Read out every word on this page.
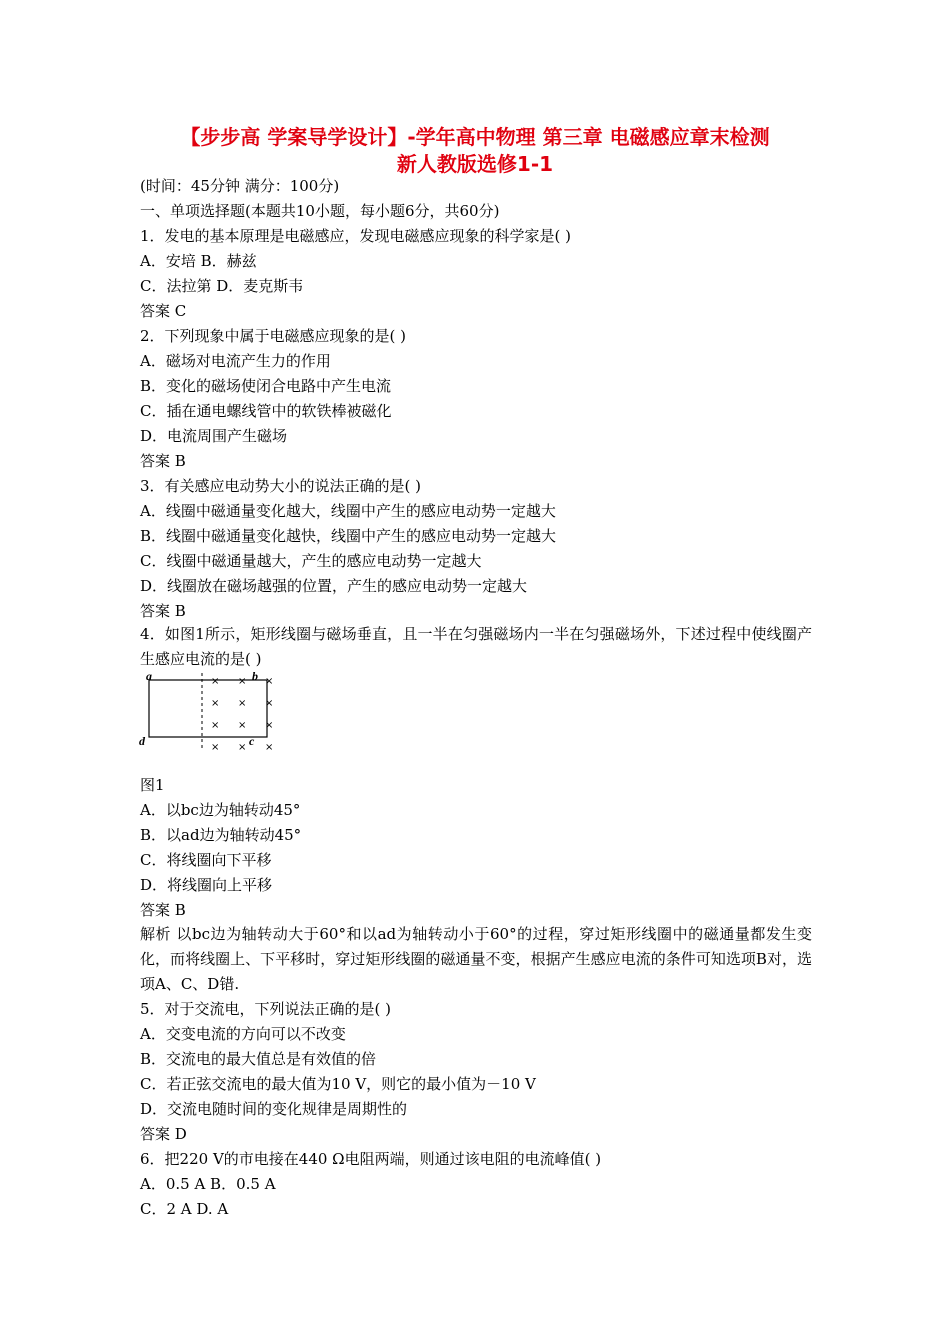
【步步高 学案导学设计】-学年高中物理 第三章 电磁感应章末检测
新人教版选修1-1
(时间：45分钟 满分：100分)
一、单项选择题(本题共10小题，每小题6分，共60分)
1．发电的基本原理是电磁感应，发现电磁感应现象的科学家是( )
A．安培 B．赫兹
C．法拉第 D．麦克斯韦
答案 C
2．下列现象中属于电磁感应现象的是( )
A．磁场对电流产生力的作用
B．变化的磁场使闭合电路中产生电流
C．插在通电螺线管中的软铁棒被磁化
D．电流周围产生磁场
答案 B
3．有关感应电动势大小的说法正确的是( )
A．线圈中磁通量变化越大，线圈中产生的感应电动势一定越大
B．线圈中磁通量变化越快，线圈中产生的感应电动势一定越大
C．线圈中磁通量越大，产生的感应电动势一定越大
D．线圈放在磁场越强的位置，产生的感应电动势一定越大
答案 B
4．如图1所示，矩形线圈与磁场垂直，且一半在匀强磁场内一半在匀强磁场外，下述过程中使线圈产生感应电流的是( )
a	b
c
d
× × ×
× × ×
× × ×
× × ×
图1
A．以bc边为轴转动45°
B．以ad边为轴转动45°
C．将线圈向下平移
D．将线圈向上平移
答案 B
解析 以bc边为轴转动大于60°和以ad为轴转动小于60°的过程，穿过矩形线圈中的磁通量都发生变化，而将线圈上、下平移时，穿过矩形线圈的磁通量不变，根据产生感应电流的条件可知选项B对，选项A、C、D错.
5．对于交流电，下列说法正确的是( )
A．交变电流的方向可以不改变
B．交流电的最大值总是有效值的倍
C．若正弦交流电的最大值为10 V，则它的最小值为－10 V
D．交流电随时间的变化规律是周期性的
答案 D
6．把220 V的市电接在440 Ω电阻两端，则通过该电阻的电流峰值( )
A．0.5 A B．0.5 A
C．2 A D. A
